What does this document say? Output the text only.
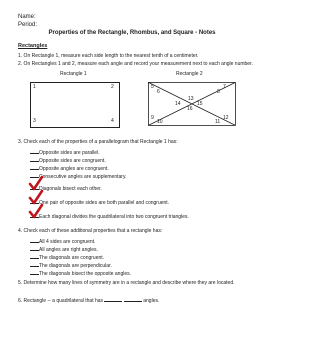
Name:
Period:
Properties of the Rectangle, Rhombus, and Square - Notes
Rectangles
1. On Rectangle 1, measure each side length to the nearest tenth of a centimeter.
2. On Rectangles 1 and 2, measure each angle and record your measurement next to each angle number.
Rectangle 1
1	2
3	4
Rectangle 2
5
6
7
8
9
10	11
12
13
14	15
16
3. Check each of the properties of a parallelogram that Rectangle 1 has:
Opposite sides are parallel.
Opposite sides are congruent.
Opposite angles are congruent.
Consecutive angles are supplementary.
Diagonals bisect each other.
One pair of opposite sides are both parallel and congruent.
Each diagonal divides the quadrilateral into two congruent triangles.
4. Check each of these additional properties that a rectangle has:
All 4 sides are congruent.
All angles are right angles.
The diagonals are congruent.
The diagonals are perpendicular.
The diagonals bisect the opposite angles.
5. Determine how many lines of symmetry are in a rectangle and describe where they are located.
6. Rectangle -- a quadrilateral that has	angles.
